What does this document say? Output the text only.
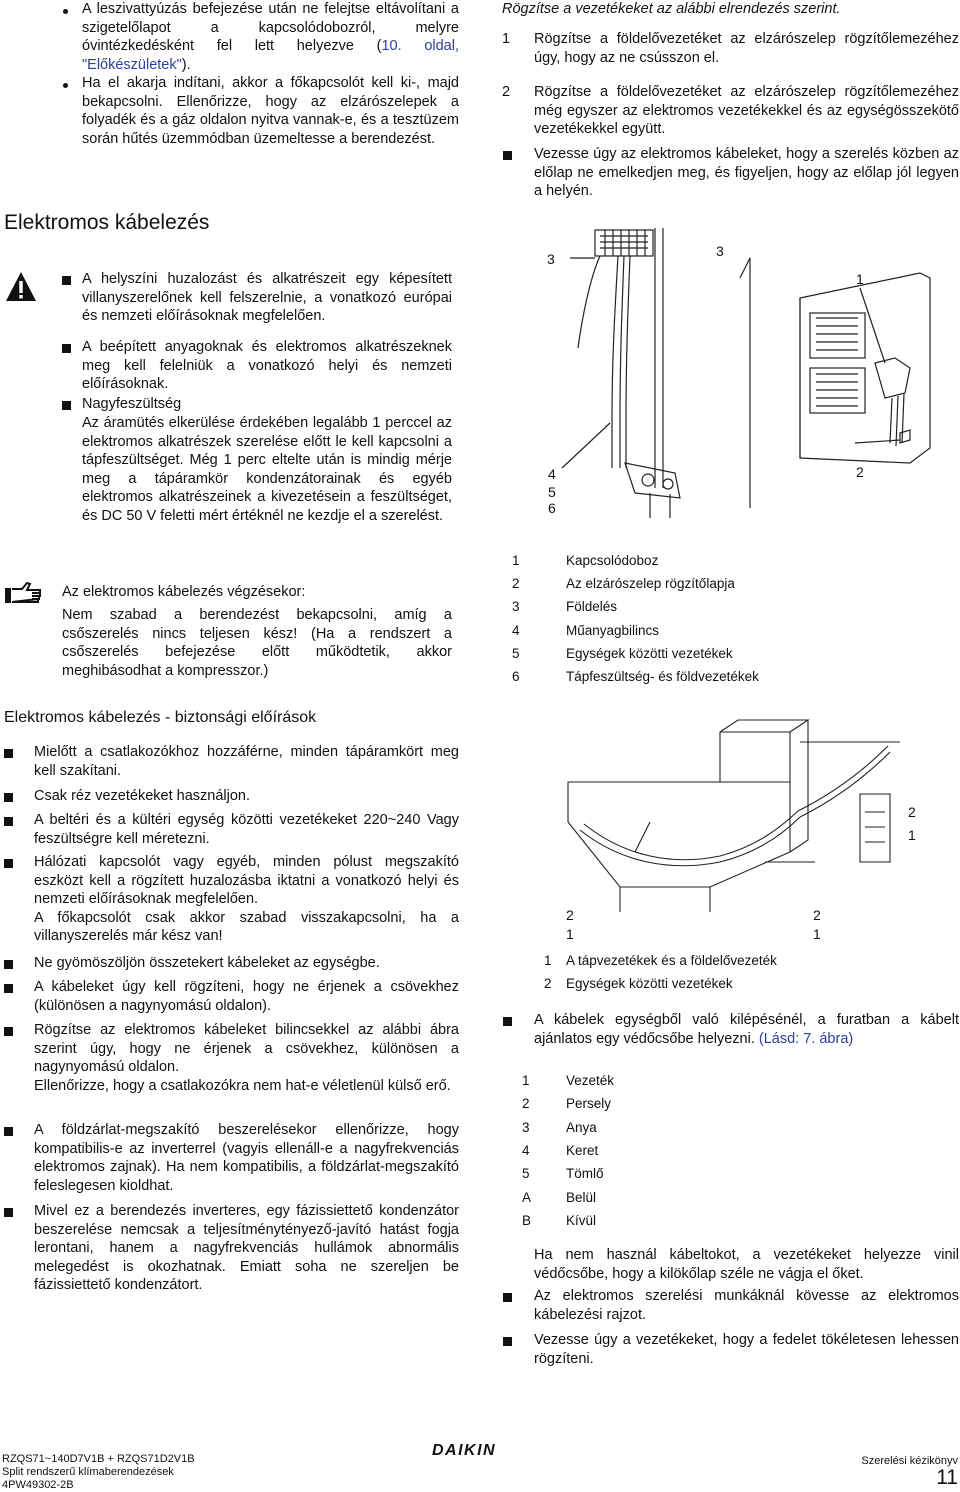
A leszivattyúzás befejezése után ne felejtse eltávolítani a szigetelőlapot a kapcsolódobozról, melyre óvintézkedésként fel lett helyezve (10. oldal, "Előkészületek").
Ha el akarja indítani, akkor a főkapcsolót kell ki-, majd bekapcsolni. Ellenőrizze, hogy az elzárószelepek a folyadék és a gáz oldalon nyitva vannak-e, és a tesztüzem során hűtés üzemmódban üzemeltesse a berendezést.
Elektromos kábelezés
A helyszíni huzalozást és alkatrészeit egy képesített villanyszerelőnek kell felszerelnie, a vonatkozó európai és nemzeti előírásoknak megfelelően.
A beépített anyagoknak és elektromos alkatrészeknek meg kell felelniük a vonatkozó helyi és nemzeti előírásoknak.
Nagyfeszültség
Az áramütés elkerülése érdekében legalább 1 perccel az elektromos alkatrészek szerelése előtt le kell kapcsolni a tápfeszültséget. Még 1 perc eltelte után is mindig mérje meg a tápáramkör kondenzátorainak és egyéb elektromos alkatrészeinek a kivezetésein a feszültséget, és DC 50 V feletti mért értéknél ne kezdje el a szerelést.
Az elektromos kábelezés végzésekor:
Nem szabad a berendezést bekapcsolni, amíg a csőszerelés nincs teljesen kész! (Ha a rendszert a csőszerelés befejezése előtt működtetik, akkor meghibásodhat a kompresszor.)
Elektromos kábelezés - biztonsági előírások
Mielőtt a csatlakozókhoz hozzáférne, minden tápáramkört meg kell szakítani.
Csak réz vezetékeket használjon.
A beltéri és a kültéri egység közötti vezetékeket 220~240 Vagy feszültségre kell méretezni.
Hálózati kapcsolót vagy egyéb, minden pólust megszakító eszközt kell a rögzített huzalozásba iktatni a vonatkozó helyi és nemzeti előírásoknak megfelelően.
A főkapcsolót csak akkor szabad visszakapcsolni, ha a villanyszerelés már kész van!
Ne gyömöszöljön összetekert kábeleket az egységbe.
A kábeleket úgy kell rögzíteni, hogy ne érjenek a csövekhez (különösen a nagynyomású oldalon).
Rögzítse az elektromos kábeleket bilincsekkel az alábbi ábra szerint úgy, hogy ne érjenek a csövekhez, különösen a nagynyomású oldalon.
Ellenőrizze, hogy a csatlakozókra nem hat-e véletlenül külső erő.
A földzárlat-megszakító beszerelésekor ellenőrizze, hogy kompatibilis-e az inverterrel (vagyis ellenáll-e a nagyfrekvenciás elektromos zajnak). Ha nem kompatibilis, a földzárlat-megszakító feleslegesen kioldhat.
Mivel ez a berendezés inverteres, egy fázissiettető kondenzátor beszerelése nemcsak a teljesítménytényező-javító hatást fogja lerontani, hanem a nagyfrekvenciás hullámok abnormális melegedést is okozhatnak. Emiatt soha ne szereljen be fázissiettető kondenzátort.
Rögzítse a vezetékeket az alábbi elrendezés szerint.
1	Rögzítse a földelővezetéket az elzárószelep rögzítőlemezéhez úgy, hogy az ne csússzon el.
2	Rögzítse a földelővezetéket az elzárószelep rögzítőlemezéhez még egyszer az elektromos vezetékekkel és az egységösszekötő vezetékekkel együtt.
Vezesse úgy az elektromos kábeleket, hogy a szerelés közben az előlap ne emelkedjen meg, és figyeljen, hogy az előlap jól legyen a helyén.
3	3
1
2
4
5
6
1	Kapcsolódoboz
2	Az elzárószelep rögzítőlapja
3	Földelés
4	Műanyagbilincs
5	Egységek közötti vezetékek
6	Tápfeszültség- és földvezetékek
2
1
2
1
2
1
1	A tápvezetékek és a földelővezeték
2	Egységek közötti vezetékek
A kábelek egységből való kilépésénél, a furatban a kábelt ajánlatos egy védőcsőbe helyezni. (Lásd: 7. ábra)
1	Vezeték
2	Persely
3	Anya
4	Keret
5	Tömlő
A	Belül
B	Kívül
Ha nem használ kábeltokot, a vezetékeket helyezze vinil védőcsőbe, hogy a kilökőlap széle ne vágja el őket.
Az elektromos szerelési munkáknál kövesse az elektromos kábelezési rajzot.
Vezesse úgy a vezetékeket, hogy a fedelet tökéletesen lehessen rögzíteni.
RZQS71~140D7V1B + RZQS71D2V1B
Split rendszerű klímaberendezések
4PW49302-2B
DAIKIN
Szerelési kézikönyv
11
